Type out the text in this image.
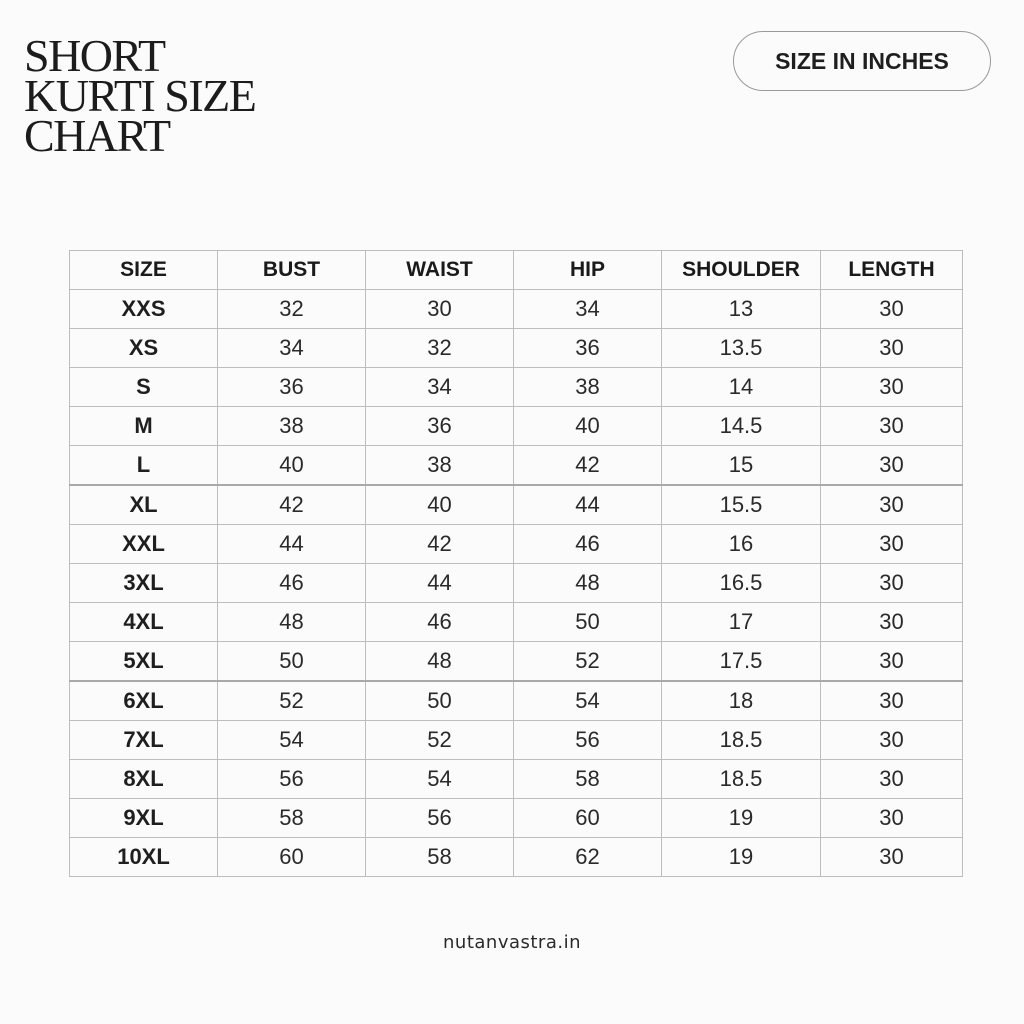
SHORT
KURTI SIZE
CHART
SIZE IN INCHES
SIZE	BUST	WAIST	HIP	SHOULDER	LENGTH
XXS	32	30	34	13	30
XS	34	32	36	13.5	30
S	36	34	38	14	30
M	38	36	40	14.5	30
L	40	38	42	15	30
XL	42	40	44	15.5	30
XXL	44	42	46	16	30
3XL	46	44	48	16.5	30
4XL	48	46	50	17	30
5XL	50	48	52	17.5	30
6XL	52	50	54	18	30
7XL	54	52	56	18.5	30
8XL	56	54	58	18.5	30
9XL	58	56	60	19	30
10XL	60	58	62	19	30
nutanvastra.in
